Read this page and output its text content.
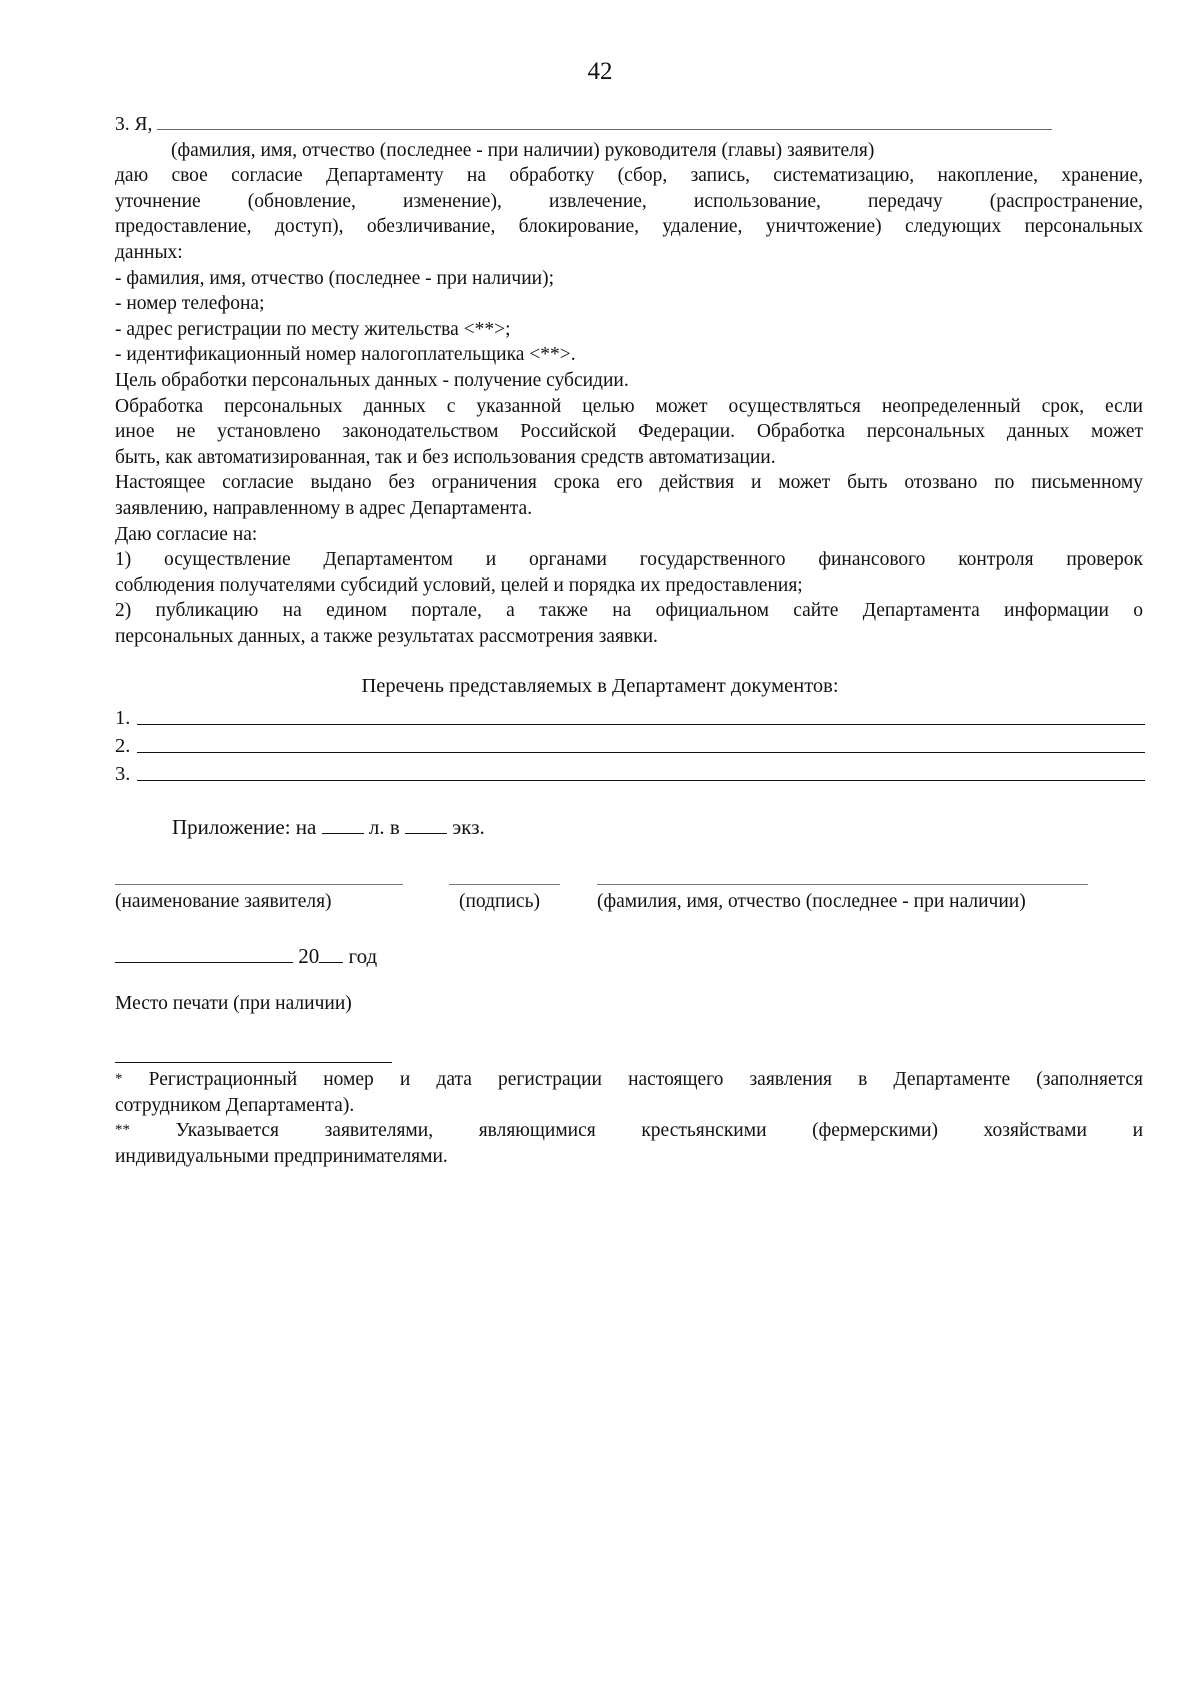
42
3. Я,
(фамилия, имя, отчество (последнее - при наличии) руководителя (главы) заявителя)
даю свое согласие Департаменту на обработку (сбор, запись, систематизацию, накопление, хранение,
уточнение (обновление, изменение), извлечение, использование, передачу (распространение,
предоставление, доступ), обезличивание, блокирование, удаление, уничтожение) следующих персональных
данных:
- фамилия, имя, отчество (последнее - при наличии);
- номер телефона;
- адрес регистрации по месту жительства <**>;
- идентификационный номер налогоплательщика <**>.
Цель обработки персональных данных - получение субсидии.
Обработка персональных данных с указанной целью может осуществляться неопределенный срок, если
иное не установлено законодательством Российской Федерации. Обработка персональных данных может
быть, как автоматизированная, так и без использования средств автоматизации.
Настоящее согласие выдано без ограничения срока его действия и может быть отозвано по письменному
заявлению, направленному в адрес Департамента.
Даю согласие на:
1) осуществление Департаментом и органами государственного финансового контроля проверок
соблюдения получателями субсидий условий, целей и порядка их предоставления;
2) публикацию на едином портале, а также на официальном сайте Департамента информации о
персональных данных, а также результатах рассмотрения заявки.
Перечень представляемых в Департамент документов:
1.
2.
3.
Приложение: на	л. в	экз.
(наименование заявителя)	(подпись)	(фамилия, имя, отчество (последнее - при наличии)
20 год
Место печати (при наличии)
* Регистрационный номер и дата регистрации настоящего заявления в Департаменте (заполняется
сотрудником Департамента).
** Указывается заявителями, являющимися крестьянскими (фермерскими) хозяйствами и
индивидуальными предпринимателями.
